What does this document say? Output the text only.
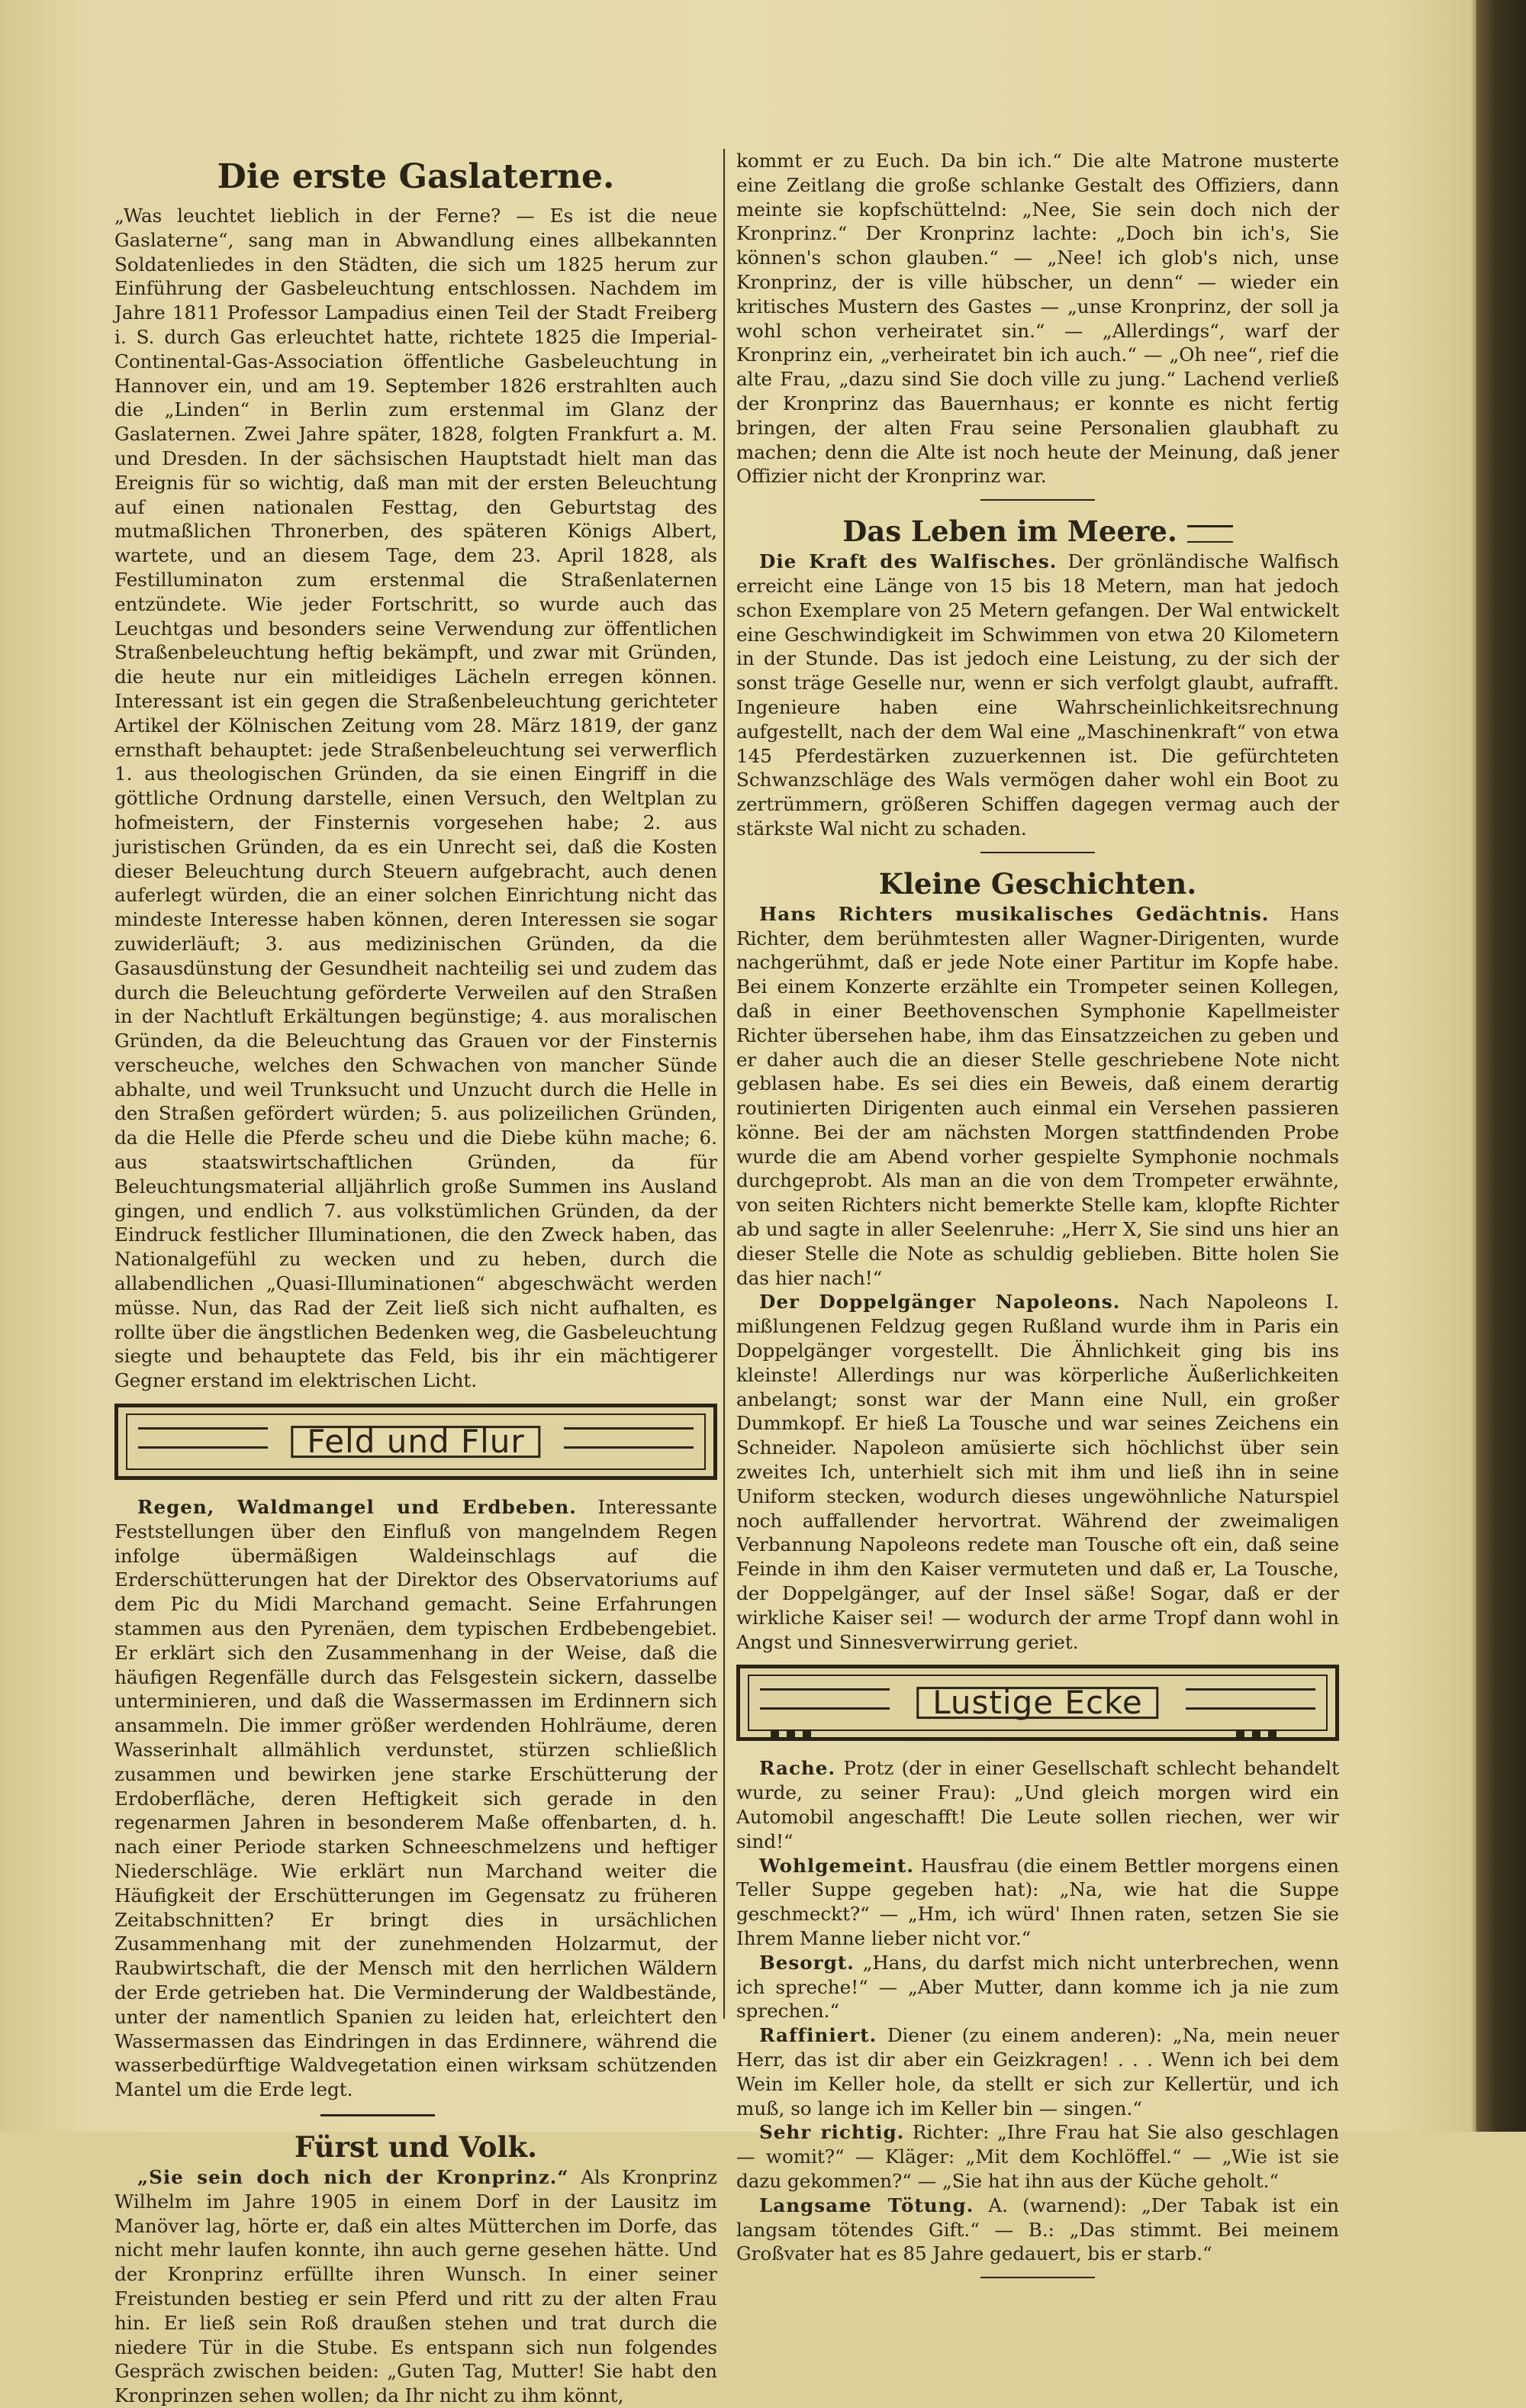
Die erste Gaslaterne.

„Was leuchtet lieblich in der Ferne? — Es ist die neue Gaslaterne“, sang man in Abwandlung eines allbekannten Soldatenliedes in den Städten, die sich um 1825 herum zur Einführung der Gasbeleuchtung entschlossen. Nachdem im Jahre 1811 Professor Lampadius einen Teil der Stadt Freiberg i. S. durch Gas erleuchtet hatte, richtete 1825 die Imperial-Continental-Gas-Association öffentliche Gasbeleuchtung in Hannover ein, und am 19. September 1826 erstrahlten auch die „Linden“ in Berlin zum erstenmal im Glanz der Gaslaternen. Zwei Jahre später, 1828, folgten Frankfurt a. M. und Dresden. In der sächsischen Hauptstadt hielt man das Ereignis für so wichtig, daß man mit der ersten Beleuchtung auf einen nationalen Festtag, den Geburtstag des mutmaßlichen Thronerben, des späteren Königs Albert, wartete, und an diesem Tage, dem 23. April 1828, als Festilluminaton zum erstenmal die Straßenlaternen entzündete. Wie jeder Fortschritt, so wurde auch das Leuchtgas und besonders seine Verwendung zur öffentlichen Straßenbeleuchtung heftig bekämpft, und zwar mit Gründen, die heute nur ein mitleidiges Lächeln erregen können. Interessant ist ein gegen die Straßenbeleuchtung gerichteter Artikel der Kölnischen Zeitung vom 28. März 1819, der ganz ernsthaft behauptet: jede Straßenbeleuchtung sei verwerflich 1. aus theologischen Gründen, da sie einen Eingriff in die göttliche Ordnung darstelle, einen Versuch, den Weltplan zu hofmeistern, der Finsternis vorgesehen habe; 2. aus juristischen Gründen, da es ein Unrecht sei, daß die Kosten dieser Beleuchtung durch Steuern aufgebracht, auch denen auferlegt würden, die an einer solchen Einrichtung nicht das mindeste Interesse haben können, deren Interessen sie sogar zuwiderläuft; 3. aus medizinischen Gründen, da die Gasausdünstung der Gesundheit nachteilig sei und zudem das durch die Beleuchtung geförderte Verweilen auf den Straßen in der Nachtluft Erkältungen begünstige; 4. aus moralischen Gründen, da die Beleuchtung das Grauen vor der Finsternis verscheuche, welches den Schwachen von mancher Sünde abhalte, und weil Trunksucht und Unzucht durch die Helle in den Straßen gefördert würden; 5. aus polizeilichen Gründen, da die Helle die Pferde scheu und die Diebe kühn mache; 6. aus staatswirtschaftlichen Gründen, da für Beleuchtungsmaterial alljährlich große Summen ins Ausland gingen, und endlich 7. aus volkstümlichen Gründen, da der Eindruck festlicher Illuminationen, die den Zweck haben, das Nationalgefühl zu wecken und zu heben, durch die allabendlichen „Quasi-Illuminationen“ abgeschwächt werden müsse. Nun, das Rad der Zeit ließ sich nicht aufhalten, es rollte über die ängstlichen Bedenken weg, die Gasbeleuchtung siegte und behauptete das Feld, bis ihr ein mächtigerer Gegner erstand im elektrischen Licht.

Feld und Flur

Regen, Waldmangel und Erdbeben. Interessante Feststellungen über den Einfluß von mangelndem Regen infolge übermäßigen Waldeinschlags auf die Erderschütterungen hat der Direktor des Observatoriums auf dem Pic du Midi Marchand gemacht. Seine Erfahrungen stammen aus den Pyrenäen, dem typischen Erdbebengebiet. Er erklärt sich den Zusammenhang in der Weise, daß die häufigen Regenfälle durch das Felsgestein sickern, dasselbe unterminieren, und daß die Wassermassen im Erdinnern sich ansammeln. Die immer größer werdenden Hohlräume, deren Wasserinhalt allmählich verdunstet, stürzen schließlich zusammen und bewirken jene starke Erschütterung der Erdoberfläche, deren Heftigkeit sich gerade in den regenarmen Jahren in besonderem Maße offenbarten, d. h. nach einer Periode starken Schneeschmelzens und heftiger Niederschläge. Wie erklärt nun Marchand weiter die Häufigkeit der Erschütterungen im Gegensatz zu früheren Zeitabschnitten? Er bringt dies in ursächlichen Zusammenhang mit der zunehmenden Holzarmut, der Raubwirtschaft, die der Mensch mit den herrlichen Wäldern der Erde getrieben hat. Die Verminderung der Waldbestände, unter der namentlich Spanien zu leiden hat, erleichtert den Wassermassen das Eindringen in das Erdinnere, während die wasserbedürftige Waldvegetation einen wirksam schützenden Mantel um die Erde legt.

Fürst und Volk.

„Sie sein doch nich der Kronprinz.“ Als Kronprinz Wilhelm im Jahre 1905 in einem Dorf in der Lausitz im Manöver lag, hörte er, daß ein altes Mütterchen im Dorfe, das nicht mehr laufen konnte, ihn auch gerne gesehen hätte. Und der Kronprinz erfüllte ihren Wunsch. In einer seiner Freistunden bestieg er sein Pferd und ritt zu der alten Frau hin. Er ließ sein Roß draußen stehen und trat durch die niedere Tür in die Stube. Es entspann sich nun folgendes Gespräch zwischen beiden: „Guten Tag, Mutter! Sie habt den Kronprinzen sehen wollen; da Ihr nicht zu ihm könnt,

kommt er zu Euch. Da bin ich.“ Die alte Matrone musterte eine Zeitlang die große schlanke Gestalt des Offiziers, dann meinte sie kopfschüttelnd: „Nee, Sie sein doch nich der Kronprinz.“ Der Kronprinz lachte: „Doch bin ich's, Sie können's schon glauben.“ — „Nee! ich glob's nich, unse Kronprinz, der is ville hübscher, un denn“ — wieder ein kritisches Mustern des Gastes — „unse Kronprinz, der soll ja wohl schon verheiratet sin.“ — „Allerdings“, warf der Kronprinz ein, „verheiratet bin ich auch.“ — „Oh nee“, rief die alte Frau, „dazu sind Sie doch ville zu jung.“ Lachend verließ der Kronprinz das Bauernhaus; er konnte es nicht fertig bringen, der alten Frau seine Personalien glaubhaft zu machen; denn die Alte ist noch heute der Meinung, daß jener Offizier nicht der Kronprinz war.

Das Leben im Meere.

Die Kraft des Walfisches. Der grönländische Walfisch erreicht eine Länge von 15 bis 18 Metern, man hat jedoch schon Exemplare von 25 Metern gefangen. Der Wal entwickelt eine Geschwindigkeit im Schwimmen von etwa 20 Kilometern in der Stunde. Das ist jedoch eine Leistung, zu der sich der sonst träge Geselle nur, wenn er sich verfolgt glaubt, aufrafft. Ingenieure haben eine Wahrscheinlichkeitsrechnung aufgestellt, nach der dem Wal eine „Maschinenkraft“ von etwa 145 Pferdestärken zuzuerkennen ist. Die gefürchteten Schwanzschläge des Wals vermögen daher wohl ein Boot zu zertrümmern, größeren Schiffen dagegen vermag auch der stärkste Wal nicht zu schaden.

Kleine Geschichten.

Hans Richters musikalisches Gedächtnis. Hans Richter, dem berühmtesten aller Wagner-Dirigenten, wurde nachgerühmt, daß er jede Note einer Partitur im Kopfe habe. Bei einem Konzerte erzählte ein Trompeter seinen Kollegen, daß in einer Beethovenschen Symphonie Kapellmeister Richter übersehen habe, ihm das Einsatzzeichen zu geben und er daher auch die an dieser Stelle geschriebene Note nicht geblasen habe. Es sei dies ein Beweis, daß einem derartig routinierten Dirigenten auch einmal ein Versehen passieren könne. Bei der am nächsten Morgen stattfindenden Probe wurde die am Abend vorher gespielte Symphonie nochmals durchgeprobt. Als man an die von dem Trompeter erwähnte, von seiten Richters nicht bemerkte Stelle kam, klopfte Richter ab und sagte in aller Seelenruhe: „Herr X, Sie sind uns hier an dieser Stelle die Note as schuldig geblieben. Bitte holen Sie das hier nach!“

Der Doppelgänger Napoleons. Nach Napoleons I. mißlungenen Feldzug gegen Rußland wurde ihm in Paris ein Doppelgänger vorgestellt. Die Ähnlichkeit ging bis ins kleinste! Allerdings nur was körperliche Äußerlichkeiten anbelangt; sonst war der Mann eine Null, ein großer Dummkopf. Er hieß La Tousche und war seines Zeichens ein Schneider. Napoleon amüsierte sich höchlichst über sein zweites Ich, unterhielt sich mit ihm und ließ ihn in seine Uniform stecken, wodurch dieses ungewöhnliche Naturspiel noch auffallender hervortrat. Während der zweimaligen Verbannung Napoleons redete man Tousche oft ein, daß seine Feinde in ihm den Kaiser vermuteten und daß er, La Tousche, der Doppelgänger, auf der Insel säße! Sogar, daß er der wirkliche Kaiser sei! — wodurch der arme Tropf dann wohl in Angst und Sinnesverwirrung geriet.

Lustige Ecke

Rache. Protz (der in einer Gesellschaft schlecht behandelt wurde, zu seiner Frau): „Und gleich morgen wird ein Automobil angeschafft! Die Leute sollen riechen, wer wir sind!“

Wohlgemeint. Hausfrau (die einem Bettler morgens einen Teller Suppe gegeben hat): „Na, wie hat die Suppe geschmeckt?“ — „Hm, ich würd' Ihnen raten, setzen Sie sie Ihrem Manne lieber nicht vor.“

Besorgt. „Hans, du darfst mich nicht unterbrechen, wenn ich spreche!“ — „Aber Mutter, dann komme ich ja nie zum sprechen.“

Raffiniert. Diener (zu einem anderen): „Na, mein neuer Herr, das ist dir aber ein Geizkragen! . . . Wenn ich bei dem Wein im Keller hole, da stellt er sich zur Kellertür, und ich muß, so lange ich im Keller bin — singen.“

Sehr richtig. Richter: „Ihre Frau hat Sie also geschlagen — womit?“ — Kläger: „Mit dem Kochlöffel.“ — „Wie ist sie dazu gekommen?“ — „Sie hat ihn aus der Küche geholt.“

Langsame Tötung. A. (warnend): „Der Tabak ist ein langsam tötendes Gift.“ — B.: „Das stimmt. Bei meinem Großvater hat es 85 Jahre gedauert, bis er starb.“
